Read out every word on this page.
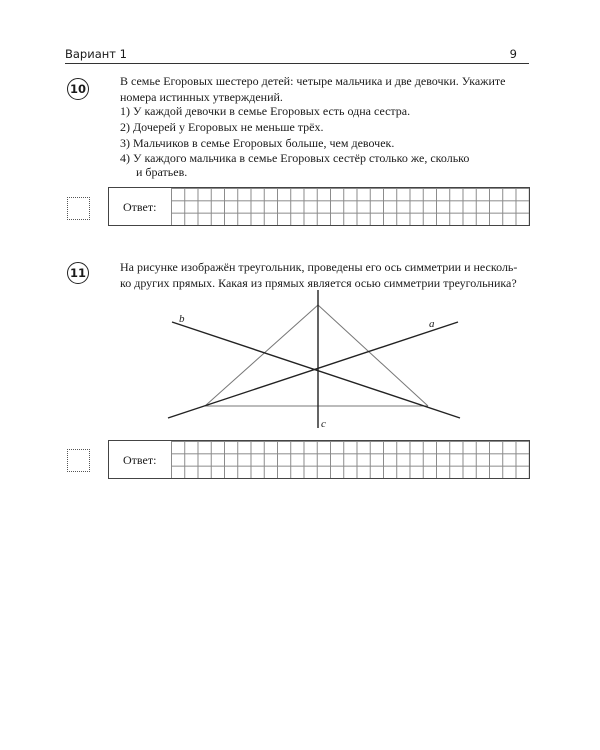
Вариант 1	9
10

В семье Егоровых шестеро детей: четыре мальчика и две девочки. Укажите

номера истинных утверждений.

1) У каждой девочки в семье Егоровых есть одна сестра.
2) Дочерей у Егоровых не меньше трёх.
3) Мальчиков в семье Егоровых больше, чем девочек.
4) У каждого мальчика в семье Егоровых сестёр столько же, сколько
и братьев.
Ответ:
11	На рисунке изображён треугольник, проведены его ось симметрии и несколь-

ко других прямых. Какая из прямых является осью симметрии треугольника?

a
b
c
Ответ:
